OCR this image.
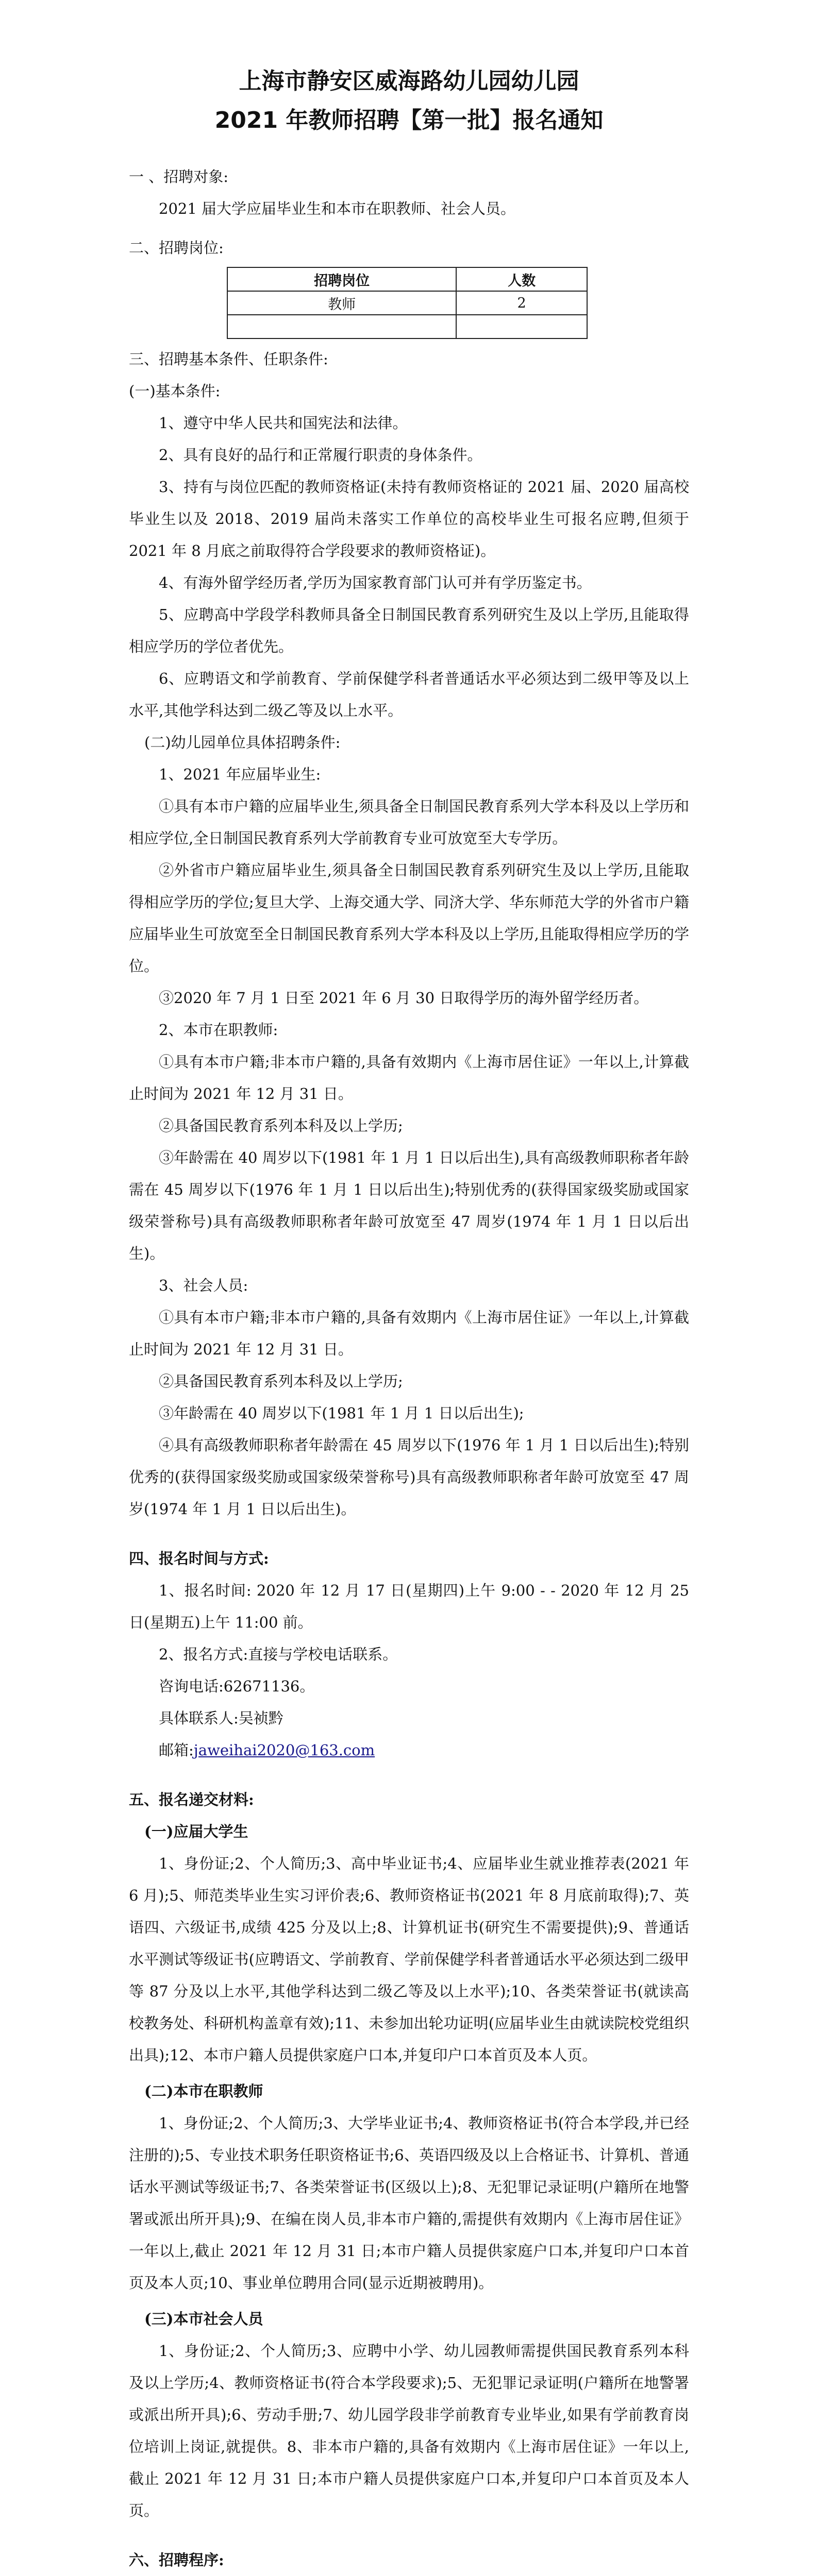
上海市静安区威海路幼儿园幼儿园
2021 年教师招聘【第一批】报名通知

一 、招聘对象:

2021 届大学应届毕业生和本市在职教师、社会人员。

二、招聘岗位:

招聘岗位	人数
教师	2

三、招聘基本条件、任职条件:

(一)基本条件:

1、遵守中华人民共和国宪法和法律。

2、具有良好的品行和正常履行职责的身体条件。

3、持有与岗位匹配的教师资格证(未持有教师资格证的 2021 届、2020 届高校毕业生以及 2018、2019 届尚未落实工作单位的高校毕业生可报名应聘,但须于 2021 年 8 月底之前取得符合学段要求的教师资格证)。

4、有海外留学经历者,学历为国家教育部门认可并有学历鉴定书。

5、应聘高中学段学科教师具备全日制国民教育系列研究生及以上学历,且能取得相应学历的学位者优先。

6、应聘语文和学前教育、学前保健学科者普通话水平必须达到二级甲等及以上水平,其他学科达到二级乙等及以上水平。

(二)幼儿园单位具体招聘条件:

1、2021 年应届毕业生:

①具有本市户籍的应届毕业生,须具备全日制国民教育系列大学本科及以上学历和相应学位,全日制国民教育系列大学前教育专业可放宽至大专学历。

②外省市户籍应届毕业生,须具备全日制国民教育系列研究生及以上学历,且能取得相应学历的学位;复旦大学、上海交通大学、同济大学、华东师范大学的外省市户籍应届毕业生可放宽至全日制国民教育系列大学本科及以上学历,且能取得相应学历的学位。

③2020 年 7 月 1 日至 2021 年 6 月 30 日取得学历的海外留学经历者。

2、本市在职教师:

①具有本市户籍;非本市户籍的,具备有效期内《上海市居住证》一年以上,计算截止时间为 2021 年 12 月 31 日。

②具备国民教育系列本科及以上学历;

③年龄需在 40 周岁以下(1981 年 1 月 1 日以后出生),具有高级教师职称者年龄需在 45 周岁以下(1976 年 1 月 1 日以后出生);特别优秀的(获得国家级奖励或国家级荣誉称号)具有高级教师职称者年龄可放宽至 47 周岁(1974 年 1 月 1 日以后出生)。

3、社会人员:

①具有本市户籍;非本市户籍的,具备有效期内《上海市居住证》一年以上,计算截止时间为 2021 年 12 月 31 日。

②具备国民教育系列本科及以上学历;

③年龄需在 40 周岁以下(1981 年 1 月 1 日以后出生);

④具有高级教师职称者年龄需在 45 周岁以下(1976 年 1 月 1 日以后出生);特别优秀的(获得国家级奖励或国家级荣誉称号)具有高级教师职称者年龄可放宽至 47 周岁(1974 年 1 月 1 日以后出生)。

四、报名时间与方式:

1、报名时间: 2020 年 12 月 17 日(星期四)上午 9:00 - - 2020 年 12 月 25 日(星期五)上午 11:00 前。

2、报名方式:直接与学校电话联系。

咨询电话:62671136。

具体联系人:吴祯黔

邮箱:jaweihai2020@163.com

五、报名递交材料:

(一)应届大学生

1、身份证;2、个人简历;3、高中毕业证书;4、应届毕业生就业推荐表(2021 年 6 月);5、师范类毕业生实习评价表;6、教师资格证书(2021 年 8 月底前取得);7、英语四、六级证书,成绩 425 分及以上;8、计算机证书(研究生不需要提供);9、普通话水平测试等级证书(应聘语文、学前教育、学前保健学科者普通话水平必须达到二级甲等 87 分及以上水平,其他学科达到二级乙等及以上水平);10、各类荣誉证书(就读高校教务处、科研机构盖章有效);11、未参加出轮功证明(应届毕业生由就读院校党组织出具);12、本市户籍人员提供家庭户口本,并复印户口本首页及本人页。

(二)本市在职教师

1、身份证;2、个人简历;3、大学毕业证书;4、教师资格证书(符合本学段,并已经注册的);5、专业技术职务任职资格证书;6、英语四级及以上合格证书、计算机、普通话水平测试等级证书;7、各类荣誉证书(区级以上);8、无犯罪记录证明(户籍所在地警署或派出所开具);9、在编在岗人员,非本市户籍的,需提供有效期内《上海市居住证》一年以上,截止 2021 年 12 月 31 日;本市户籍人员提供家庭户口本,并复印户口本首页及本人页;10、事业单位聘用合同(显示近期被聘用)。

(三)本市社会人员

1、身份证;2、个人简历;3、应聘中小学、幼儿园教师需提供国民教育系列本科及以上学历;4、教师资格证书(符合本学段要求);5、无犯罪记录证明(户籍所在地警署或派出所开具);6、劳动手册;7、幼儿园学段非学前教育专业毕业,如果有学前教育岗位培训上岗证,就提供。8、非本市户籍的,具备有效期内《上海市居住证》一年以上,截止 2021 年 12 月 31 日;本市户籍人员提供家庭户口本,并复印户口本首页及本人页。

六、招聘程序:
